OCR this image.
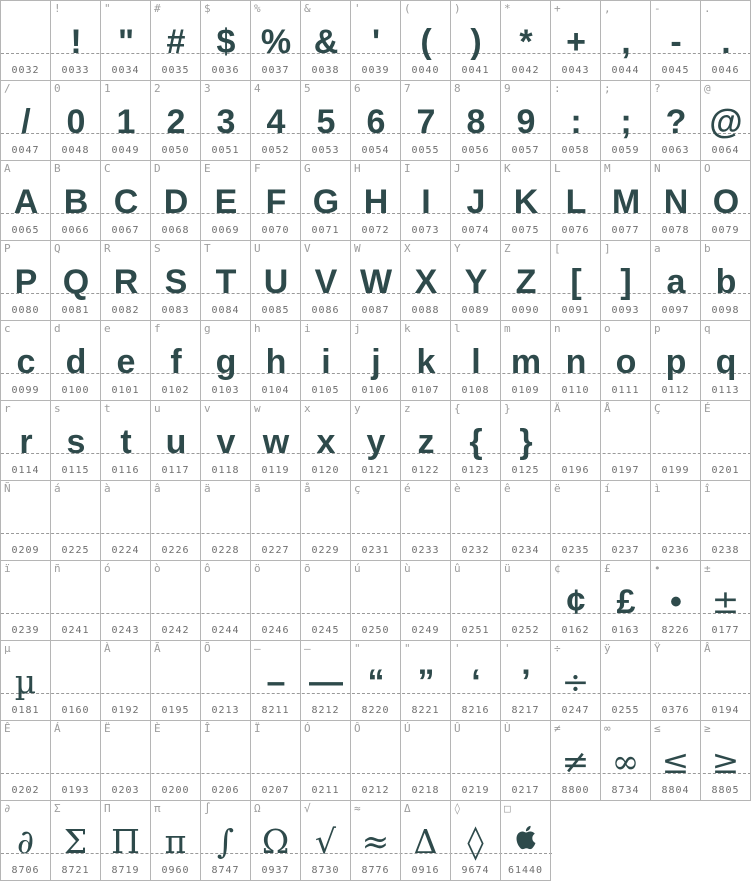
0032
!
!
0033
"
"
0034
#
#
0035
$
$
0036
%
%
0037
&
&
0038
'
'
0039
(
(
0040
)
)
0041
*
*
0042
+
+
0043
,
,
0044
-
-
0045
.
.
0046
/
/
0047
0
0
0048
1
1
0049
2
2
0050
3
3
0051
4
4
0052
5
5
0053
6
6
0054
7
7
0055
8
8
0056
9
9
0057
:
:
0058
;
;
0059
?
?
0063
@
@
0064
A
A
0065
B
B
0066
C
C
0067
D
D
0068
E
E
0069
F
F
0070
G
G
0071
H
H
0072
I
I
0073
J
J
0074
K
K
0075
L
L
0076
M
M
0077
N
N
0078
O
O
0079
P
P
0080
Q
Q
0081
R
R
0082
S
S
0083
T
T
0084
U
U
0085
V
V
0086
W
W
0087
X
X
0088
Y
Y
0089
Z
Z
0090
[
[
0091
]
]
0093
a
a
0097
b
b
0098
c
c
0099
d
d
0100
e
e
0101
f
f
0102
g
g
0103
h
h
0104
i
i
0105
j
j
0106
k
k
0107
l
l
0108
m
m
0109
n
n
0110
o
o
0111
p
p
0112
q
q
0113
r
r
0114
s
s
0115
t
t
0116
u
u
0117
v
v
0118
w
w
0119
x
x
0120
y
y
0121
z
z
0122
{
{
0123
}
}
0125
Ä
0196
Å
0197
Ç
0199
É
0201
Ñ
0209
á
0225
à
0224
â
0226
ä
0228
ã
0227
å
0229
ç
0231
é
0233
è
0232
ê
0234
ë
0235
í
0237
ì
0236
î
0238
ï
0239
ñ
0241
ó
0243
ò
0242
ô
0244
ö
0246
õ
0245
ú
0250
ù
0249
û
0251
ü
0252
¢
¢
0162
£
£
0163
•
•
8226
±
±
0177
µ
µ
0181	0160
À
0192
Ã
0195
Õ
0213
–
–
8211
—
—
8212
"
“
8220
"
”
8221
'
‘
8216
'
’
8217
÷
÷
0247
ÿ
0255
Ÿ
0376
Â
0194
Ê
0202
Á
0193
Ë
0203
È
0200
Î
0206
Ï
0207
Ó
0211
Ô
0212
Ú
0218
Û
0219
Ù
0217
≠
≠
8800
∞
∞
8734
≤
≤
8804
≥
≥
8805
∂
∂
8706
Σ
Σ
8721
Π
Π
8719
π
π
0960
∫
∫
8747
Ω
Ω
0937
√
√
8730
≈
≈
8776
Δ
Δ
0916
◊
◊
9674
□
61440
